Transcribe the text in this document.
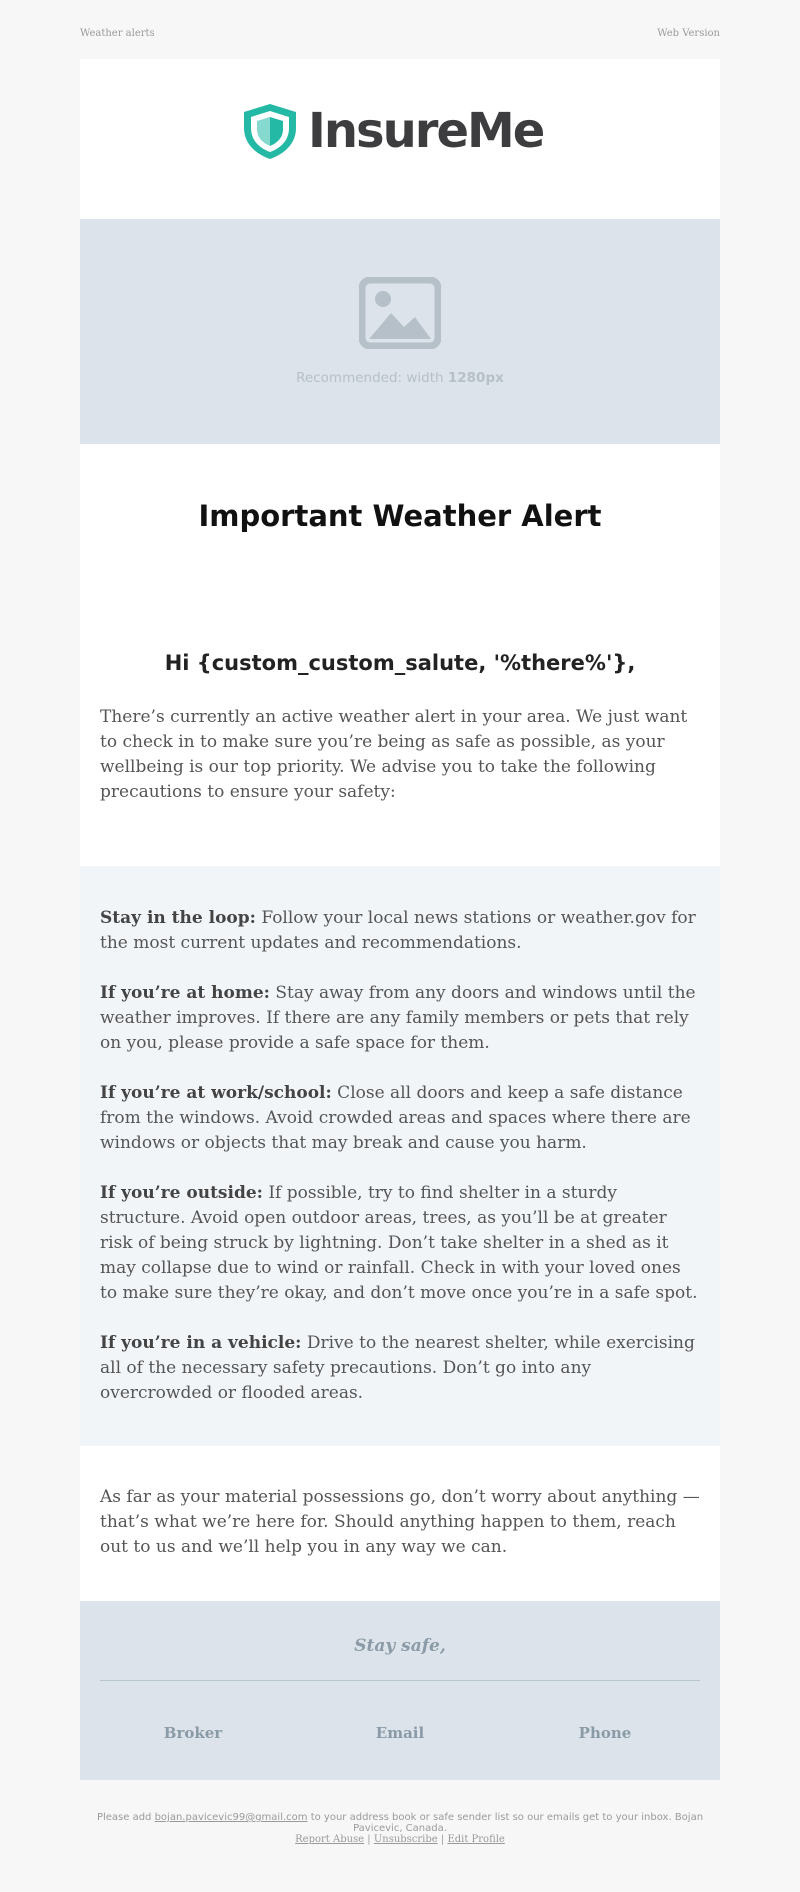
Weather alerts	Web Version
InsureMe
Important Weather Alert

Hi {custom_custom_salute, '%there%'},

There’s currently an active weather alert in your area. We just want to check in to make sure you’re being as safe as possible, as your wellbeing is our top priority. We advise you to take the following precautions to ensure your safety:

Stay in the loop: Follow your local news stations or weather.gov for the most current updates and recommendations.

If you’re at home: Stay away from any doors and windows until the weather improves. If there are any family members or pets that rely on you, please provide a safe space for them.

If you’re at work/school: Close all doors and keep a safe distance from the windows. Avoid crowded areas and spaces where there are windows or objects that may break and cause you harm.

If you’re outside: If possible, try to find shelter in a sturdy structure. Avoid open outdoor areas, trees, as you’ll be at greater risk of being struck by lightning. Don’t take shelter in a shed as it may collapse due to wind or rainfall. Check in with your loved ones to make sure they’re okay, and don’t move once you’re in a safe spot.

If you’re in a vehicle: Drive to the nearest shelter, while exercising all of the necessary safety precautions. Don’t go into any overcrowded or flooded areas.

As far as your material possessions go, don’t worry about anything — that’s what we’re here for. Should anything happen to them, reach out to us and we’ll help you in any way we can.

Stay safe,
Broker	Email	Phone
Please add bojan.pavicevic99@gmail.com to your address book or safe sender list so our emails get to your inbox. Bojan Pavicevic, Canada.
Report Abuse | Unsubscribe | Edit Profile
Recommended: width 1280px
